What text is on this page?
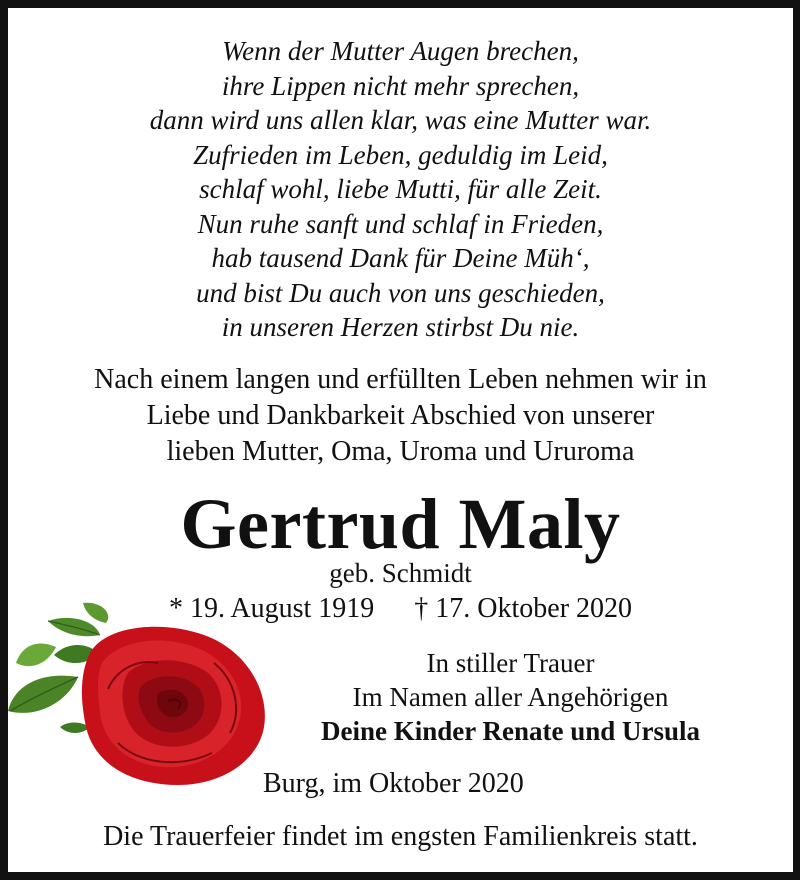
Wenn der Mutter Augen brechen,
ihre Lippen nicht mehr sprechen,
dann wird uns allen klar, was eine Mutter war.
Zufrieden im Leben, geduldig im Leid,
schlaf wohl, liebe Mutti, für alle Zeit.
Nun ruhe sanft und schlaf in Frieden,
hab tausend Dank für Deine Müh‘,
und bist Du auch von uns geschieden,
in unseren Herzen stirbst Du nie.
Nach einem langen und erfüllten Leben nehmen wir in
Liebe und Dankbarkeit Abschied von unserer
lieben Mutter, Oma, Uroma und Ururoma
Gertrud Maly
geb. Schmidt
* 19. August 1919 † 17. Oktober 2020
In stiller Trauer
Im Namen aller Angehörigen
Deine Kinder Renate und Ursula
Burg, im Oktober 2020
Die Trauerfeier findet im engsten Familienkreis statt.
